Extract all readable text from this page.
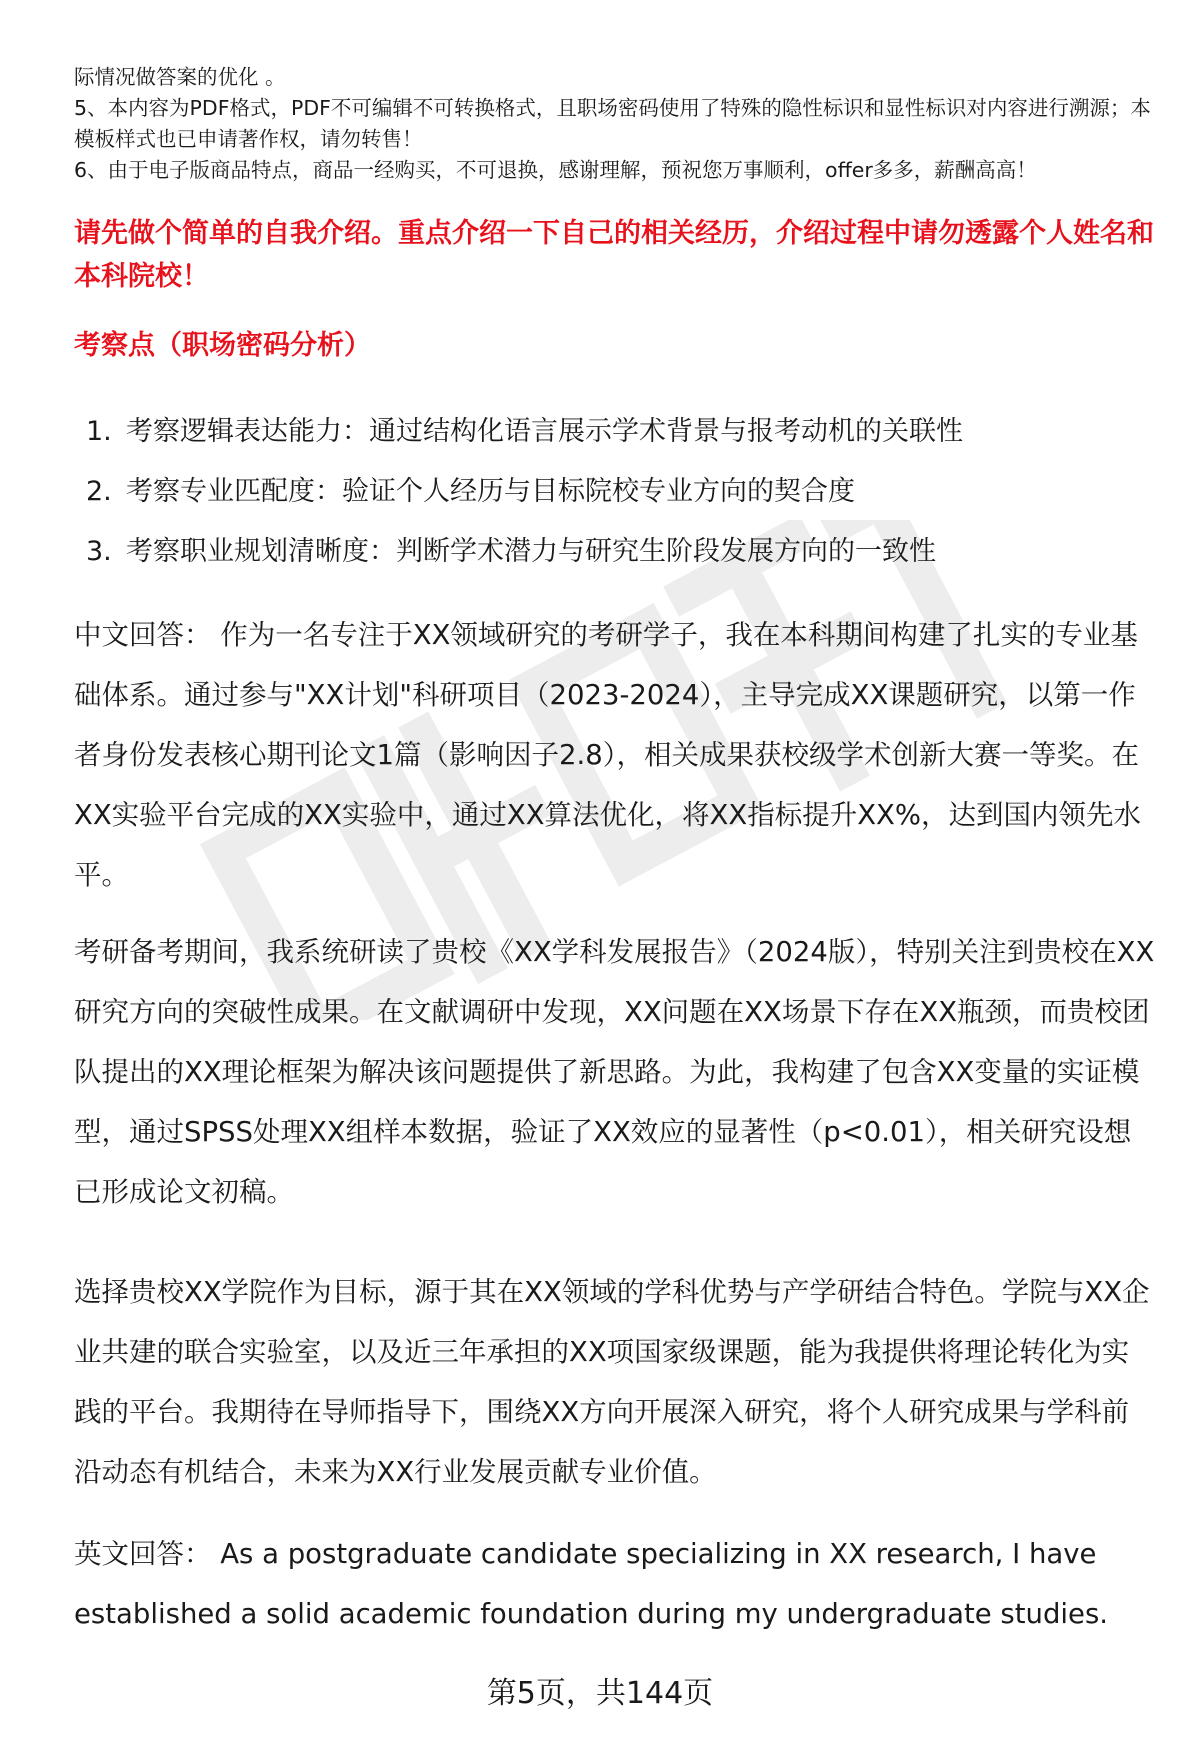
际情况做答案的优化 。

5、本内容为PDF格式，PDF不可编辑不可转换格式，且职场密码使用了特殊的隐性标识和显性标识对内容进行溯源；本模板样式也已申请著作权，请勿转售！

6、由于电子版商品特点，商品一经购买，不可退换，感谢理解，预祝您万事顺利，offer多多，薪酬高高！

请先做个简单的自我介绍。重点介绍一下自己的相关经历，介绍过程中请勿透露个人姓名和本科院校！

考察点（职场密码分析）

1. 考察逻辑表达能力：通过结构化语言展示学术背景与报考动机的关联性
2. 考察专业匹配度：验证个人经历与目标院校专业方向的契合度
3. 考察职业规划清晰度：判断学术潜力与研究生阶段发展方向的一致性

中文回答： 作为一名专注于XX领域研究的考研学子，我在本科期间构建了扎实的专业基础体系。通过参与"XX计划"科研项目（2023-2024），主导完成XX课题研究，以第一作者身份发表核心期刊论文1篇（影响因子2.8），相关成果获校级学术创新大赛一等奖。在XX实验平台完成的XX实验中，通过XX算法优化，将XX指标提升XX%，达到国内领先水平。

考研备考期间，我系统研读了贵校《XX学科发展报告》（2024版），特别关注到贵校在XX研究方向的突破性成果。在文献调研中发现，XX问题在XX场景下存在XX瓶颈，而贵校团队提出的XX理论框架为解决该问题提供了新思路。为此，我构建了包含XX变量的实证模型，通过SPSS处理XX组样本数据，验证了XX效应的显著性（p<0.01），相关研究设想已形成论文初稿。

选择贵校XX学院作为目标，源于其在XX领域的学科优势与产学研结合特色。学院与XX企业共建的联合实验室，以及近三年承担的XX项国家级课题，能为我提供将理论转化为实践的平台。我期待在导师指导下，围绕XX方向开展深入研究，将个人研究成果与学科前沿动态有机结合，未来为XX行业发展贡献专业价值。

英文回答： As a postgraduate candidate specializing in XX research, I have established a solid academic foundation during my undergraduate studies.

第5页，共144页
